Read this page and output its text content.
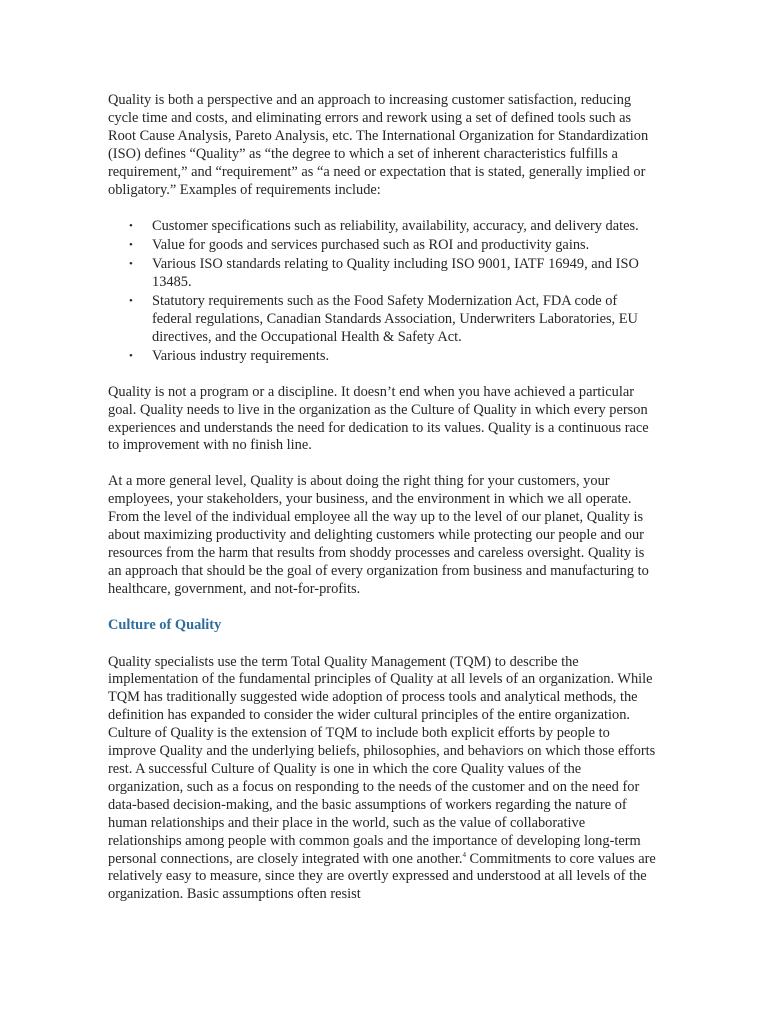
Quality is both a perspective and an approach to increasing customer satisfaction, reducing cycle time and costs, and eliminating errors and rework using a set of defined tools such as Root Cause Analysis, Pareto Analysis, etc. The International Organization for Standardization (ISO) defines “Quality” as “the degree to which a set of inherent characteristics fulfills a requirement,” and “requirement” as “a need or expectation that is stated, generally implied or obligatory.” Examples of requirements include:

• Customer specifications such as reliability, availability, accuracy, and delivery dates.
• Value for goods and services purchased such as ROI and productivity gains.
• Various ISO standards relating to Quality including ISO 9001, IATF 16949, and ISO 13485.
• Statutory requirements such as the Food Safety Modernization Act, FDA code of federal regulations, Canadian Standards Association, Underwriters Laboratories, EU directives, and the Occupational Health & Safety Act.
• Various industry requirements.

Quality is not a program or a discipline. It doesn’t end when you have achieved a particular goal. Quality needs to live in the organization as the Culture of Quality in which every person experiences and understands the need for dedication to its values. Quality is a continuous race to improvement with no finish line.

At a more general level, Quality is about doing the right thing for your customers, your employees, your stakeholders, your business, and the environment in which we all operate. From the level of the individual employee all the way up to the level of our planet, Quality is about maximizing productivity and delighting customers while protecting our people and our resources from the harm that results from shoddy processes and careless oversight. Quality is an approach that should be the goal of every organization from business and manufacturing to healthcare, government, and not-for-profits.

Culture of Quality

Quality specialists use the term Total Quality Management (TQM) to describe the implementation of the fundamental principles of Quality at all levels of an organization. While TQM has traditionally suggested wide adoption of process tools and analytical methods, the definition has expanded to consider the wider cultural principles of the entire organization. Culture of Quality is the extension of TQM to include both explicit efforts by people to improve Quality and the underlying beliefs, philosophies, and behaviors on which those efforts rest. A successful Culture of Quality is one in which the core Quality values of the organization, such as a focus on responding to the needs of the customer and on the need for data-based decision-making, and the basic assumptions of workers regarding the nature of human relationships and their place in the world, such as the value of collaborative relationships among people with common goals and the importance of developing long-term personal connections, are closely integrated with one another.$^4$ Commitments to core values are relatively easy to measure, since they are overtly expressed and understood at all levels of the organization. Basic assumptions often resist
